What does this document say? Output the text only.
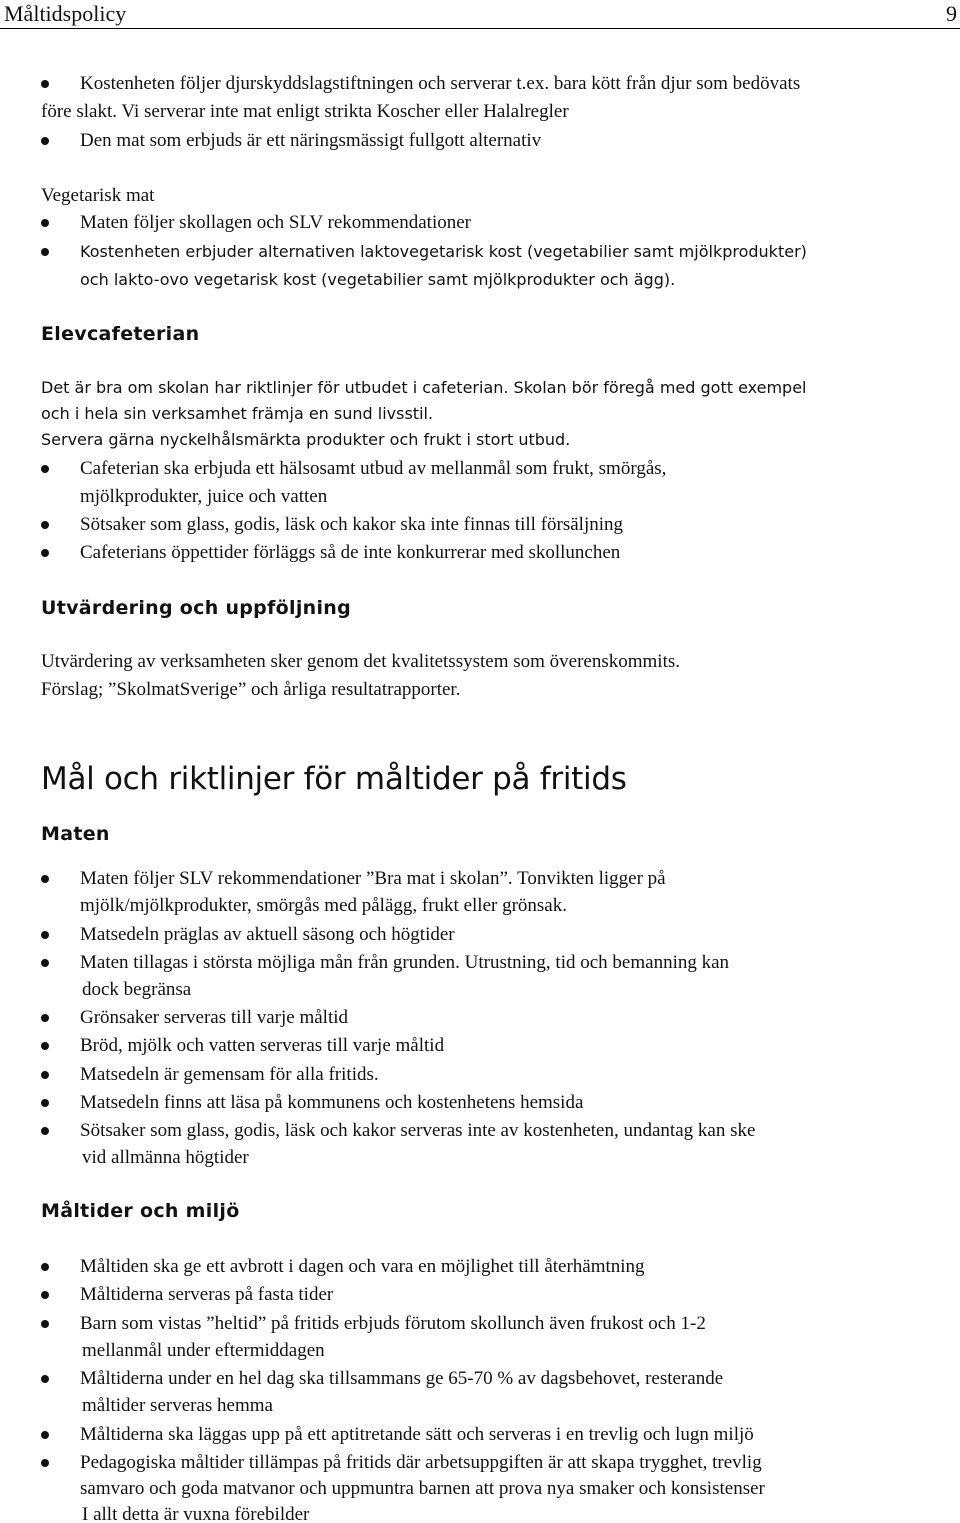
Måltidspolicy	9
Kostenheten följer djurskyddslagstiftningen och serverar t.ex. bara kött från djur som bedövats
före slakt. Vi serverar inte mat enligt strikta Koscher eller Halalregler
Den mat som erbjuds är ett näringsmässigt fullgott alternativ
Vegetarisk mat
Maten följer skollagen och SLV rekommendationer
Kostenheten erbjuder alternativen laktovegetarisk kost (vegetabilier samt mjölkprodukter)
och lakto-ovo vegetarisk kost (vegetabilier samt mjölkprodukter och ägg).
Elevcafeterian
Det är bra om skolan har riktlinjer för utbudet i cafeterian. Skolan bör föregå med gott exempel
och i hela sin verksamhet främja en sund livsstil.
Servera gärna nyckelhålsmärkta produkter och frukt i stort utbud.
Cafeterian ska erbjuda ett hälsosamt utbud av mellanmål som frukt, smörgås,
mjölkprodukter, juice och vatten
Sötsaker som glass, godis, läsk och kakor ska inte finnas till försäljning
Cafeterians öppettider förläggs så de inte konkurrerar med skollunchen
Utvärdering och uppföljning
Utvärdering av verksamheten sker genom det kvalitetssystem som överenskommits.
Förslag; ”SkolmatSverige” och årliga resultatrapporter.
Mål och riktlinjer för måltider på fritids
Maten
Maten följer SLV rekommendationer ”Bra mat i skolan”. Tonvikten ligger på
mjölk/mjölkprodukter, smörgås med pålägg, frukt eller grönsak.
Matsedeln präglas av aktuell säsong och högtider
Maten tillagas i största möjliga mån från grunden. Utrustning, tid och bemanning kan
dock begränsa
Grönsaker serveras till varje måltid
Bröd, mjölk och vatten serveras till varje måltid
Matsedeln är gemensam för alla fritids.
Matsedeln finns att läsa på kommunens och kostenhetens hemsida
Sötsaker som glass, godis, läsk och kakor serveras inte av kostenheten, undantag kan ske
vid allmänna högtider
Måltider och miljö
Måltiden ska ge ett avbrott i dagen och vara en möjlighet till återhämtning
Måltiderna serveras på fasta tider
Barn som vistas ”heltid” på fritids erbjuds förutom skollunch även frukost och 1-2
mellanmål under eftermiddagen
Måltiderna under en hel dag ska tillsammans ge 65-70 % av dagsbehovet, resterande
måltider serveras hemma
Måltiderna ska läggas upp på ett aptitretande sätt och serveras i en trevlig och lugn miljö
Pedagogiska måltider tillämpas på fritids där arbetsuppgiften är att skapa trygghet, trevlig
samvaro och goda matvanor och uppmuntra barnen att prova nya smaker och konsistenser
I allt detta är vuxna förebilder
